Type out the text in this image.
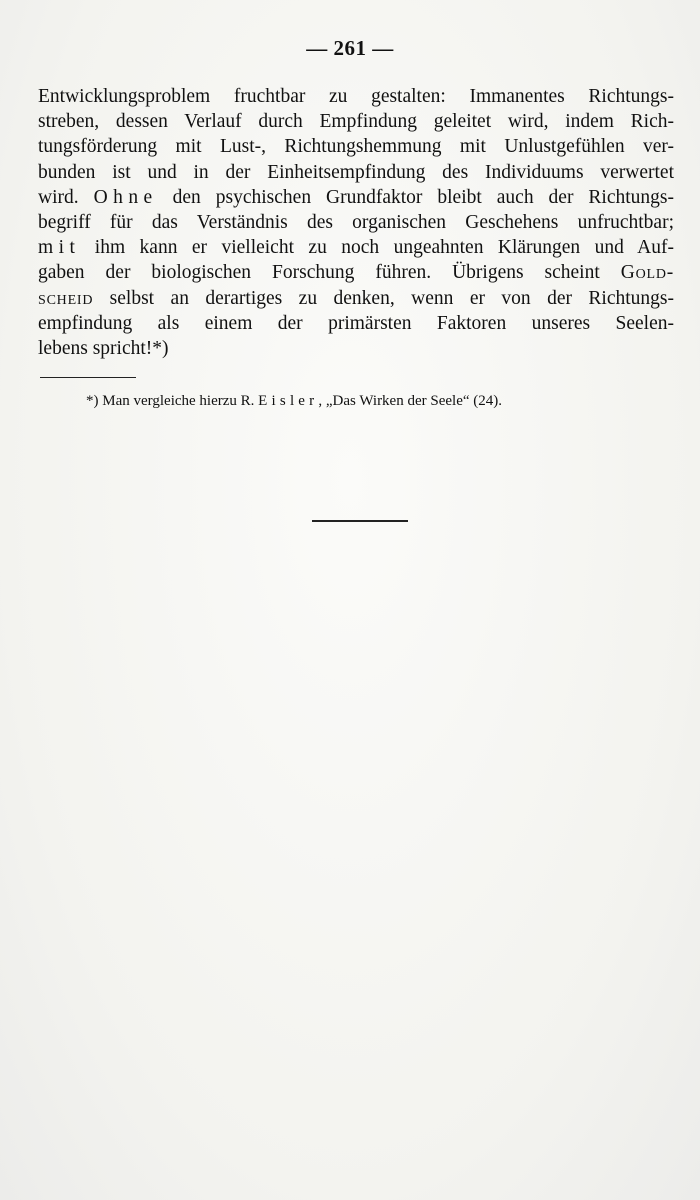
— 261 —
Entwicklungsproblem fruchtbar zu gestalten: Immanentes Richtungs-
streben, dessen Verlauf durch Empfindung geleitet wird, indem Rich-
tungsförderung mit Lust-, Richtungshemmung mit Unlustgefühlen ver-
bunden ist und in der Einheitsempfindung des Individuums verwertet
wird. Ohne den psychischen Grundfaktor bleibt auch der Richtungs-
begriff für das Verständnis des organischen Geschehens unfruchtbar;
mit ihm kann er vielleicht zu noch ungeahnten Klärungen und Auf-
gaben der biologischen Forschung führen. Übrigens scheint Gold-
scheid selbst an derartiges zu denken, wenn er von der Richtungs-
empfindung als einem der primärsten Faktoren unseres Seelen-
lebens spricht!*)
*) Man vergleiche hierzu R. Eisler, „Das Wirken der Seele“ (24).
